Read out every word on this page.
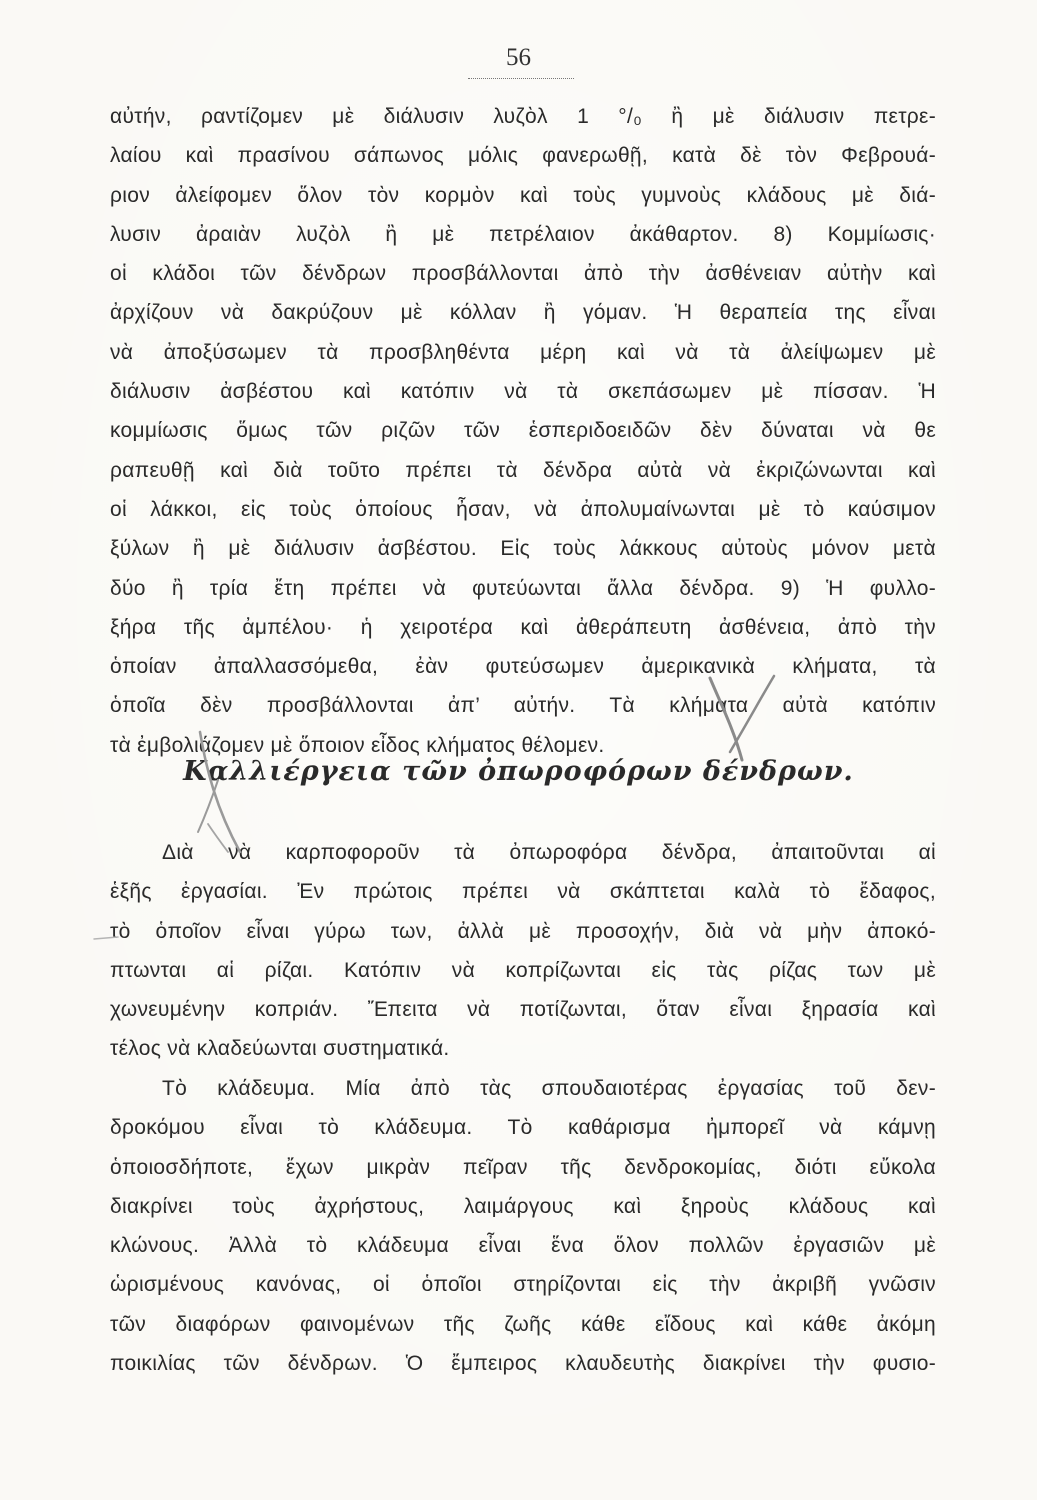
56
αὐτήν, ραντίζομεν μὲ διάλυσιν λυζὸλ 1 °/₀ ἢ μὲ διάλυσιν πετρε-
λαίου καὶ πρασίνου σάπωνος μόλις φανερωθῇ, κατὰ δὲ τὸν Φεβρουά-
ριον ἀλείφομεν ὅλον τὸν κορμὸν καὶ τοὺς γυμνοὺς κλάδους μὲ διά-
λυσιν ἀραιὰν λυζὸλ ἢ μὲ πετρέλαιον ἀκάθαρτον. 8) Κομμίωσις·
οἱ κλάδοι τῶν δένδρων προσβάλλονται ἀπὸ τὴν ἀσθένειαν αὐτὴν καὶ
ἀρχίζουν νὰ δακρύζουν μὲ κόλλαν ἢ γόμαν. Ἡ θεραπεία της εἶναι
νὰ ἀποξύσωμεν τὰ προσβληθέντα μέρη καὶ νὰ τὰ ἀλείψωμεν μὲ
διάλυσιν ἀσβέστου καὶ κατόπιν νὰ τὰ σκεπάσωμεν μὲ πίσσαν. Ἡ
κομμίωσις ὅμως τῶν ριζῶν τῶν ἑσπεριδοειδῶν δὲν δύναται νὰ θε
ραπευθῇ καὶ διὰ τοῦτο πρέπει τὰ δένδρα αὐτὰ νὰ ἐκριζώνωνται καὶ
οἱ λάκκοι, εἰς τοὺς ὁποίους ἦσαν, νὰ ἀπολυμαίνωνται μὲ τὸ καύσιμον
ξύλων ἢ μὲ διάλυσιν ἀσβέστου. Εἰς τοὺς λάκκους αὐτοὺς μόνον μετὰ
δύο ἢ τρία ἔτη πρέπει νὰ φυτεύωνται ἄλλα δένδρα. 9) Ἡ φυλλο-
ξήρα τῆς ἀμπέλου· ἡ χειροτέρα καὶ ἀθεράπευτη ἀσθένεια, ἀπὸ τὴν
ὁποίαν ἀπαλλασσόμεθα, ἐὰν φυτεύσωμεν ἀμερικανικὰ κλήματα, τὰ
ὁποῖα δὲν προσβάλλονται ἀπ’ αὐτήν. Τὰ κλήματα αὐτὰ κατόπιν
τὰ ἐμβολιάζομεν μὲ ὅποιον εἶδος κλήματος θέλομεν.
Καλλιέργεια τῶν ὀπωροφόρων δένδρων.
Διὰ νὰ καρποφοροῦν τὰ ὀπωροφόρα δένδρα, ἀπαιτοῦνται αἱ
ἑξῆς ἐργασίαι. Ἐν πρώτοις πρέπει νὰ σκάπτεται καλὰ τὸ ἔδαφος,
τὸ ὁποῖον εἶναι γύρω των, ἀλλὰ μὲ προσοχήν, διὰ νὰ μὴν ἀποκό-
πτωνται αἱ ρίζαι. Κατόπιν νὰ κοπρίζωνται εἰς τὰς ρίζας των μὲ
χωνευμένην κοπριάν. Ἔπειτα νὰ ποτίζωνται, ὅταν εἶναι ξηρασία καὶ
τέλος νὰ κλαδεύωνται συστηματικά.
Τὸ κλάδευμα. Μία ἀπὸ τὰς σπουδαιοτέρας ἐργασίας τοῦ δεν-
δροκόμου εἶναι τὸ κλάδευμα. Τὸ καθάρισμα ἠμπορεῖ νὰ κάμνῃ
ὁποιοσδήποτε, ἔχων μικρὰν πεῖραν τῆς δενδροκομίας, διότι εὔκολα
διακρίνει τοὺς ἀχρήστους, λαιμάργους καὶ ξηροὺς κλάδους καὶ
κλώνους. Ἀλλὰ τὸ κλάδευμα εἶναι ἕνα ὅλον πολλῶν ἐργασιῶν μὲ
ὡρισμένους κανόνας, οἱ ὁποῖοι στηρίζονται εἰς τὴν ἀκριβῆ γνῶσιν
τῶν διαφόρων φαινομένων τῆς ζωῆς κάθε εἴδους καὶ κάθε ἀκόμη
ποικιλίας τῶν δένδρων. Ὁ ἔμπειρος κλαυδευτὴς διακρίνει τὴν φυσιο-
